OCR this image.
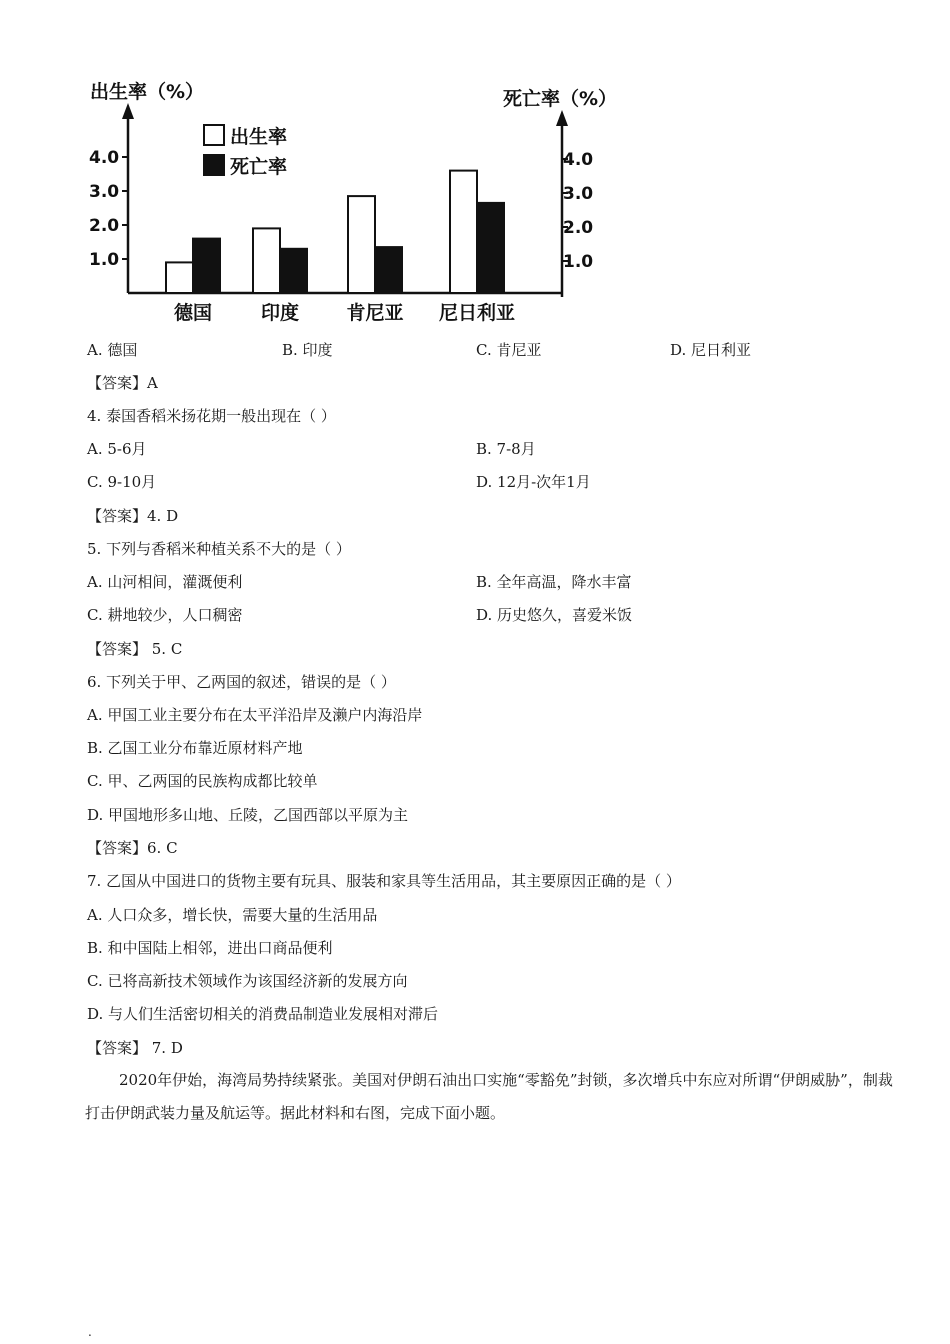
出生率（%）	死亡率（%）
1.0
2.0
3.0
4.0
1.0
2.0
3.0
4.0
出生率
死亡率
德国	印度 肯尼亚 尼日利亚
A. 德国	B. 印度	C. 肯尼亚	D. 尼日利亚
【答案】A
4. 泰国香稻米扬花期一般出现在（ ）
A. 5-6月	B. 7-8月
C. 9-10月	D. 12月-次年1月
【答案】4. D
5. 下列与香稻米种植关系不大的是（ ）
A. 山河相间，灌溉便利	B. 全年高温，降水丰富
C. 耕地较少，人口稠密	D. 历史悠久，喜爱米饭
【答案】 5. C
6. 下列关于甲、乙两国的叙述，错误的是（ ）
A. 甲国工业主要分布在太平洋沿岸及濑户内海沿岸
B. 乙国工业分布靠近原材料产地
C. 甲、乙两国的民族构成都比较单
D. 甲国地形多山地、丘陵，乙国西部以平原为主
【答案】6. C
7. 乙国从中国进口的货物主要有玩具、服装和家具等生活用品，其主要原因正确的是（ ）
A. 人口众多，增长快，需要大量的生活用品
B. 和中国陆上相邻，进出口商品便利
C. 已将高新技术领域作为该国经济新的发展方向
D. 与人们生活密切相关的消费品制造业发展相对滞后
【答案】 7. D
2020年伊始，海湾局势持续紧张。美国对伊朗石油出口实施“零豁免”封锁，多次增兵中东应对所谓“伊朗威胁”，制裁打击伊朗武装力量及航运等。据此材料和右图，完成下面小题。
.
